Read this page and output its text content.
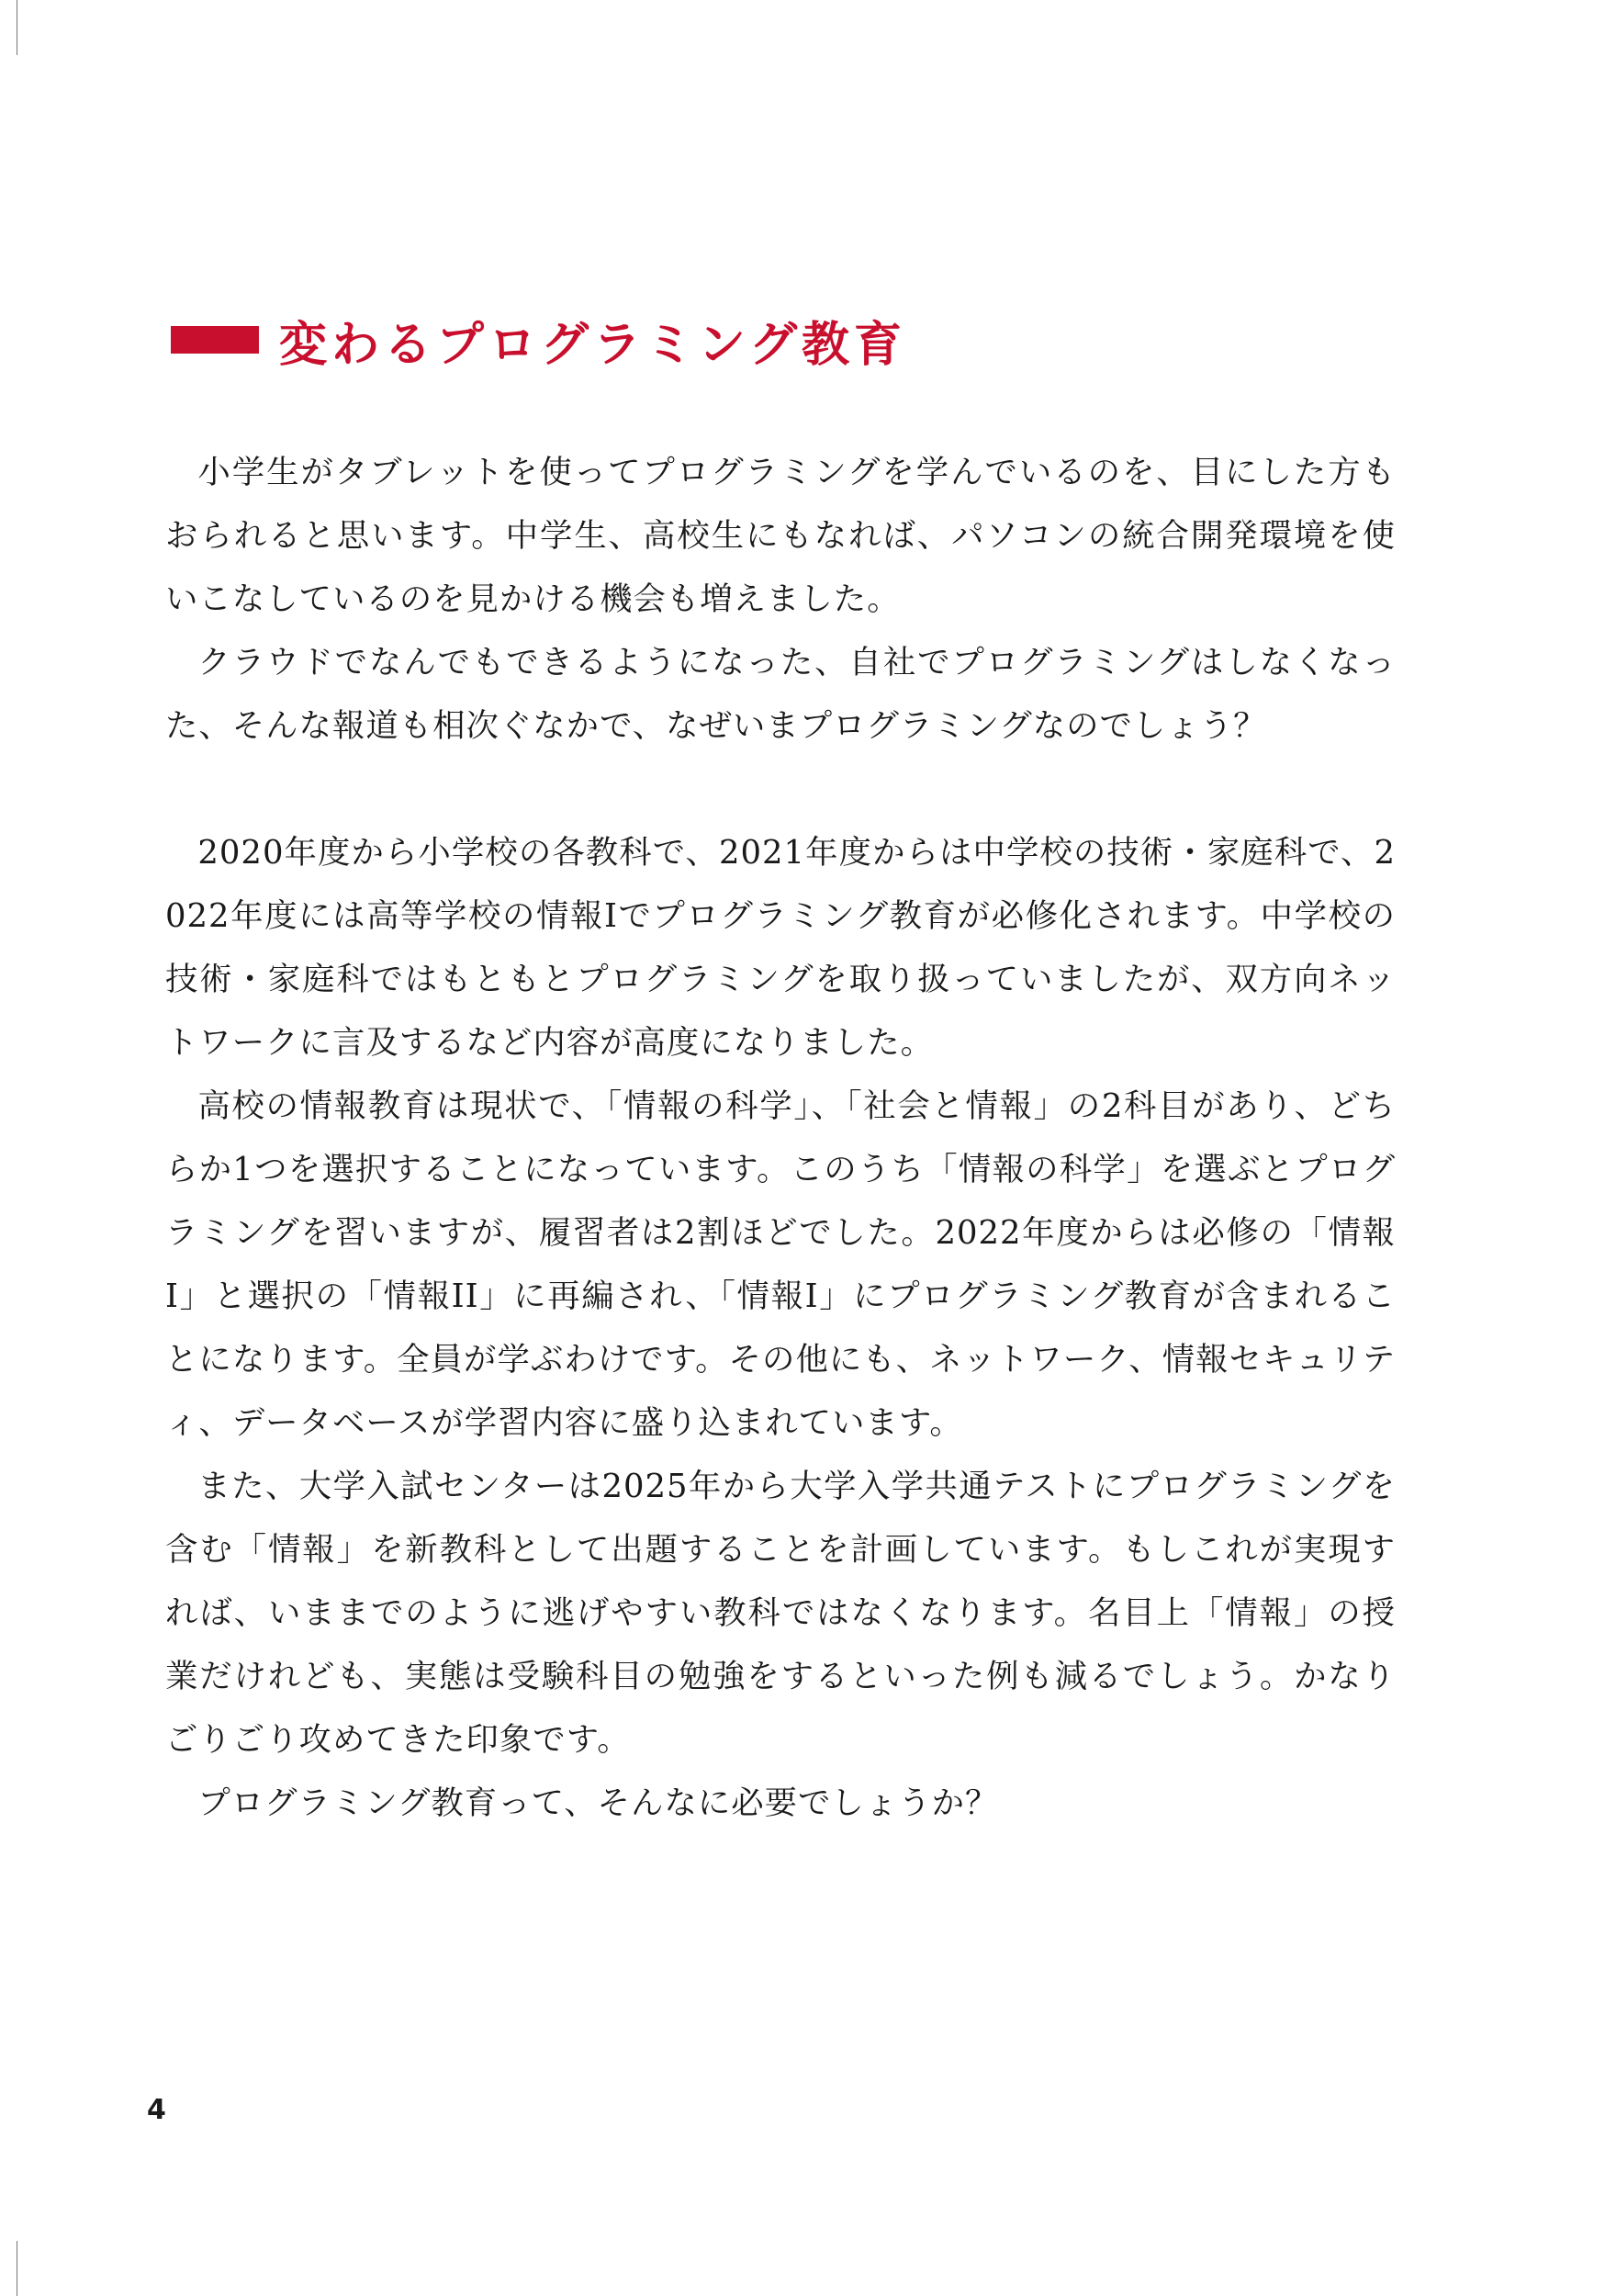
変わるプログラミング教育

小学生がタブレットを使ってプログラミングを学んでいるのを、目にした方もおられると思います。中学生、高校生にもなれば、パソコンの統合開発環境を使いこなしているのを見かける機会も増えました。

クラウドでなんでもできるようになった、自社でプログラミングはしなくなった、そんな報道も相次ぐなかで、なぜいまプログラミングなのでしょう？

2020年度から小学校の各教科で、2021年度からは中学校の技術・家庭科で、2022年度には高等学校の情報Iでプログラミング教育が必修化されます。中学校の技術・家庭科ではもともとプログラミングを取り扱っていましたが、双方向ネットワークに言及するなど内容が高度になりました。

高校の情報教育は現状で、「情報の科学」、「社会と情報」の2科目があり、どちらか1つを選択することになっています。このうち「情報の科学」を選ぶとプログラミングを習いますが、履習者は2割ほどでした。2022年度からは必修の「情報I」と選択の「情報II」に再編され、「情報I」にプログラミング教育が含まれることになります。全員が学ぶわけです。その他にも、ネットワーク、情報セキュリティ、データベースが学習内容に盛り込まれています。

また、大学入試センターは2025年から大学入学共通テストにプログラミングを含む「情報」を新教科として出題することを計画しています。もしこれが実現すれば、いままでのように逃げやすい教科ではなくなります。名目上「情報」の授業だけれども、実態は受験科目の勉強をするといった例も減るでしょう。かなりごりごり攻めてきた印象です。

プログラミング教育って、そんなに必要でしょうか？

4
